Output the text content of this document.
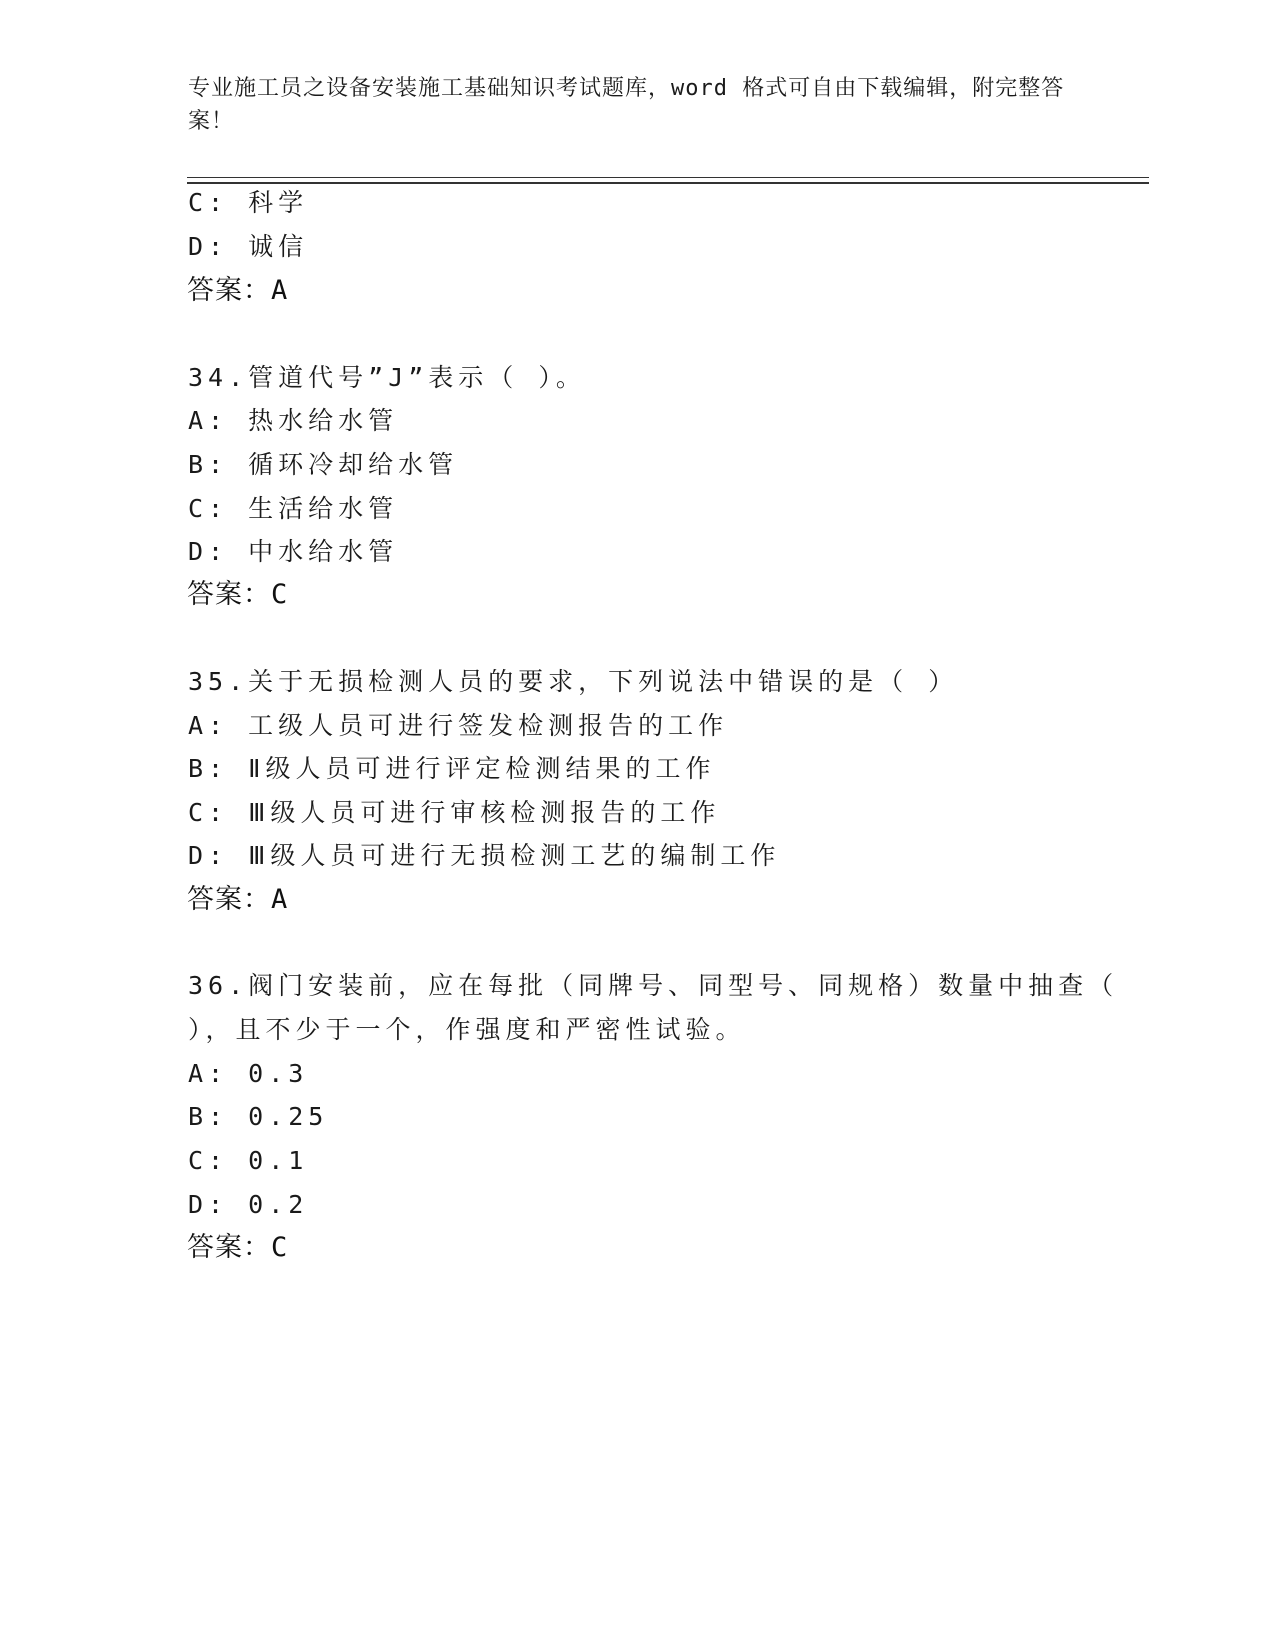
专业施工员之设备安装施工基础知识考试题库，word 格式可自由下载编辑，附完整答案！
C: 科学
D: 诚信
答案：A
34.管道代号”J”表示（ ）。
A: 热水给水管
B: 循环冷却给水管
C: 生活给水管
D: 中水给水管
答案：C
35.关于无损检测人员的要求，下列说法中错误的是（ ）
A: 工级人员可进行签发检测报告的工作
B: Ⅱ级人员可进行评定检测结果的工作
C: Ⅲ级人员可进行审核检测报告的工作
D: Ⅲ级人员可进行无损检测工艺的编制工作
答案：A
36.阀门安装前，应在每批（同牌号、同型号、同规格）数量中抽查（
），且不少于一个，作强度和严密性试验。
A: 0.3
B: 0.25
C: 0.1
D: 0.2
答案：C
